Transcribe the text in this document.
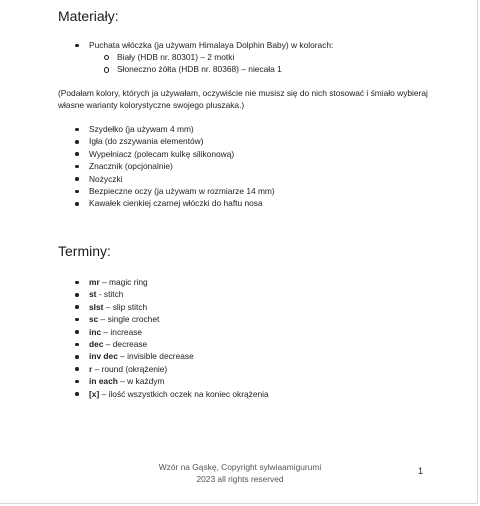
Materiały:
Puchata włóczka (ja używam Himalaya Dolphin Baby) w kolorach:
Biały (HDB nr. 80301) – 2 motki
Słoneczno żółta (HDB nr. 80368) – niecała 1

(Podałam kolory, których ja używałam, oczywiście nie musisz się do nich stosować i śmiało wybieraj własne warianty kolorystyczne swojego pluszaka.)

Szydełko (ja używam 4 mm)
Igła (do zszywania elementów)
Wypełniacz (polecam kulkę silikonową)
Znacznik (opcjonalnie)
Nożyczki
Bezpieczne oczy (ja używam w rozmiarze 14 mm)
Kawałek cienkiej czarnej włóczki do haftu nosa
Terminy:
mr – magic ring
st - stitch
slst – slip stitch
sc – single crochet
inc – increase
dec – decrease
inv dec – invisible decrease
r – round (okrążenie)
in each – w każdym
[x] – ilość wszystkich oczek na koniec okrążenia
Wzór na Gąskę, Copyright sylwiaamigurumi
2023 all rights reserved
1
